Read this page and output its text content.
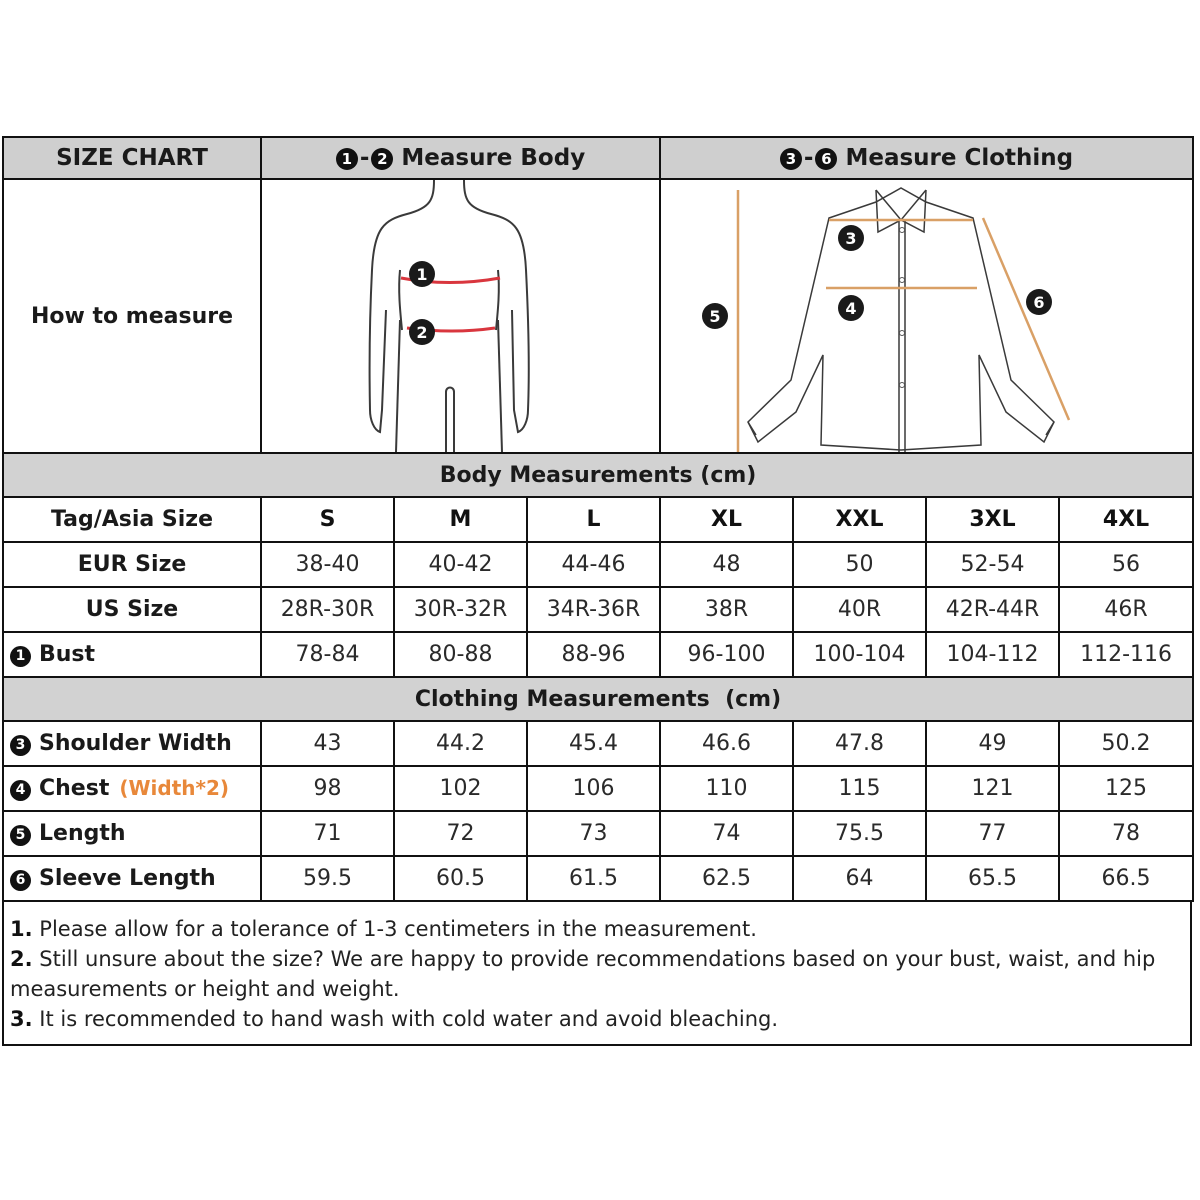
SIZE CHART	1 - 2 Measure Body			3 - 6 Measure Clothing			
How to measure	1
2			3
4
5
6			

Body Measurements (cm)							
Tag/Asia Size	S	M	L	XL	XXL	3XL	4XL
EUR Size	38-40	40-42	44-46	48	50	52-54	56
US Size	28R-30R	30R-32R	34R-36R	38R	40R	42R-44R	46R
1 Bust	78-84	80-88	88-96	96-100	100-104	104-112	112-116
Clothing Measurements  (cm)							
3 Shoulder Width	43	44.2	45.4	46.6	47.8	49	50.2
4 Chest (Width*2)	98	102	106	110	115	121	125
5 Length	71	72	73	74	75.5	77	78
6 Sleeve Length	59.5	60.5	61.5	62.5	64	65.5	66.5
1. Please allow for a tolerance of 1-3 centimeters in the measurement.
2. Still unsure about the size? We are happy to provide recommendations based on your bust, waist, and hip measurements or height and weight.
3. It is recommended to hand wash with cold water and avoid bleaching.
